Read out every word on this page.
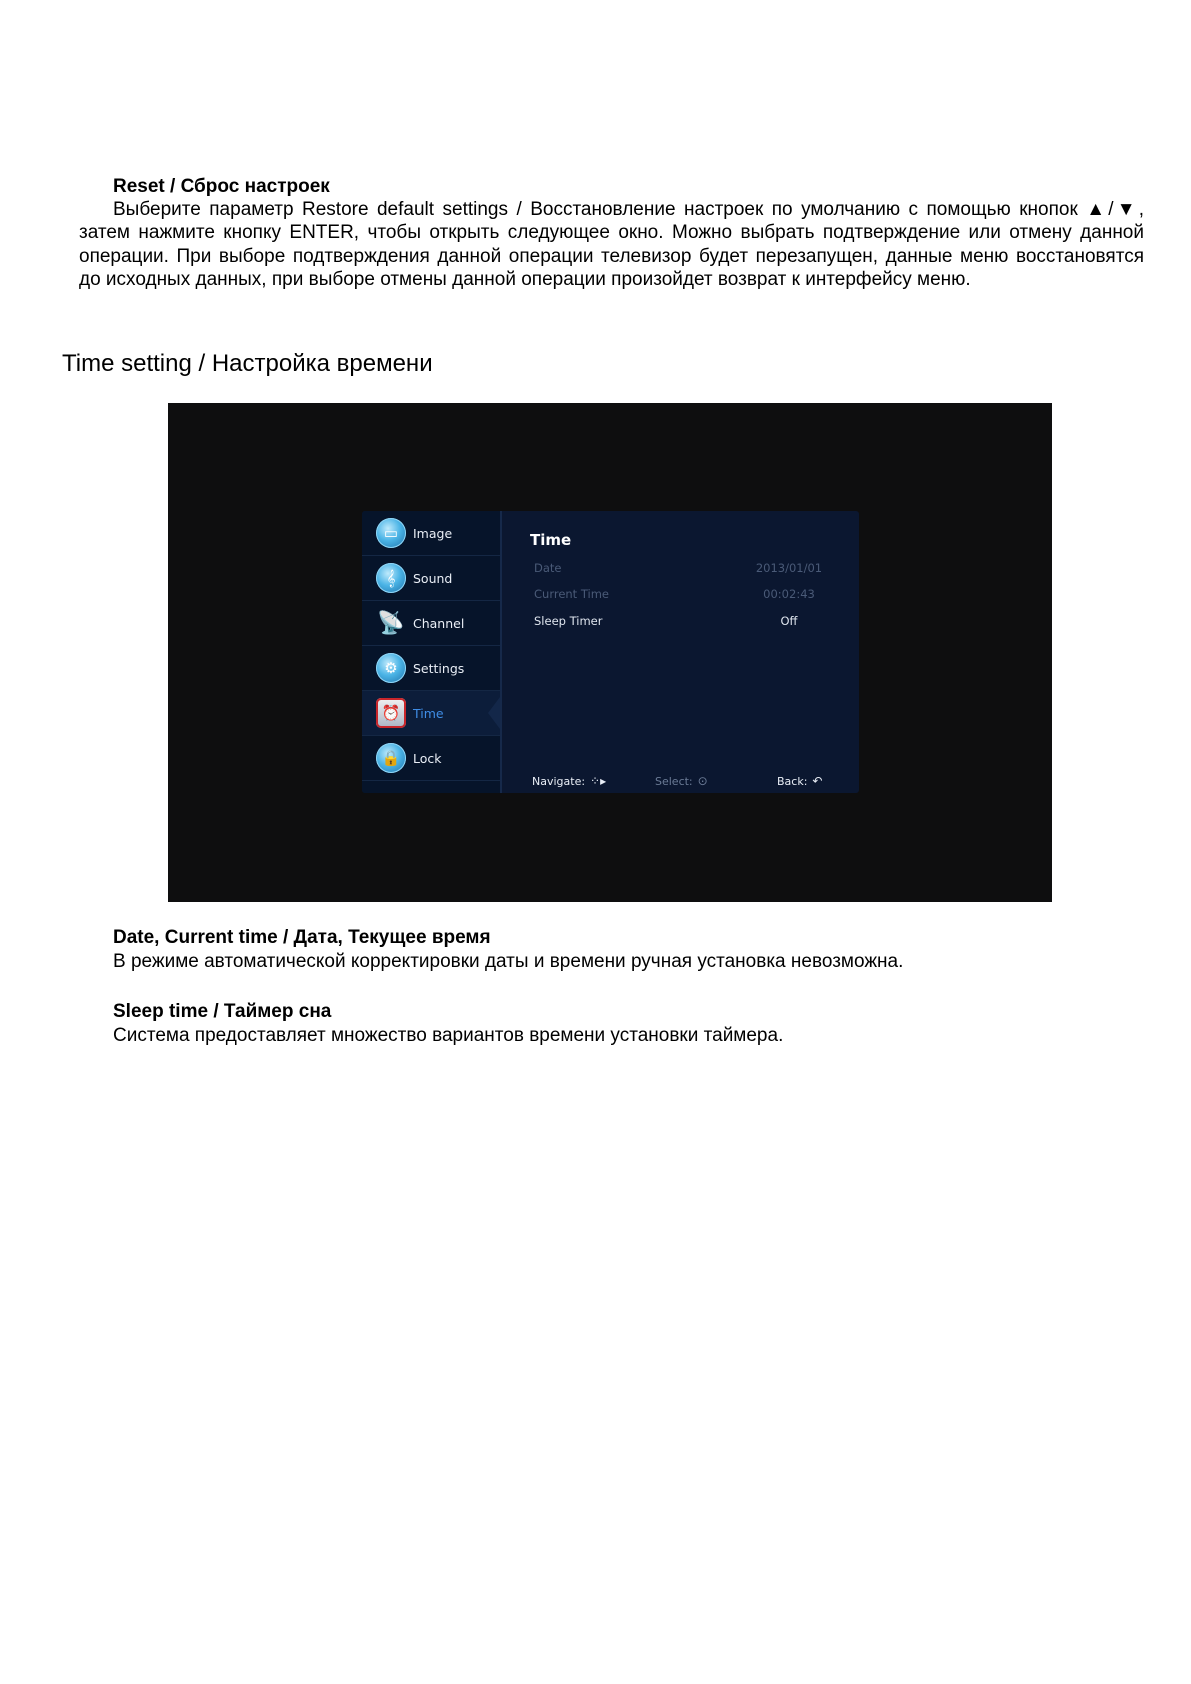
Reset / Сброс настроек
Выберите параметр Restore default settings / Восстановление настроек по умолчанию с помощью кнопок ▲/▼, затем нажмите кнопку ENTER, чтобы открыть следующее окно. Можно выбрать подтверждение или отмену данной операции. При выборе подтверждения данной операции телевизор будет перезапущен, данные меню восстановятся до исходных данных, при выборе отмены данной операции произойдет возврат к интерфейсу меню.
Time setting / Настройка времени
▭	Image
𝄞	Sound
📡 Channel
⚙	Settings
⏰	Time
🔒	Lock
Time
Date	2013/01/01
Current Time	00:02:43
Sleep Timer	Off
Navigate: ⁘▸	Select: ⊙	Back: ↶
Date, Current time / Дата, Текущее время
В режиме автоматической корректировки даты и времени ручная установка невозможна.
Sleep time / Таймер сна
Система предоставляет множество вариантов времени установки таймера.
